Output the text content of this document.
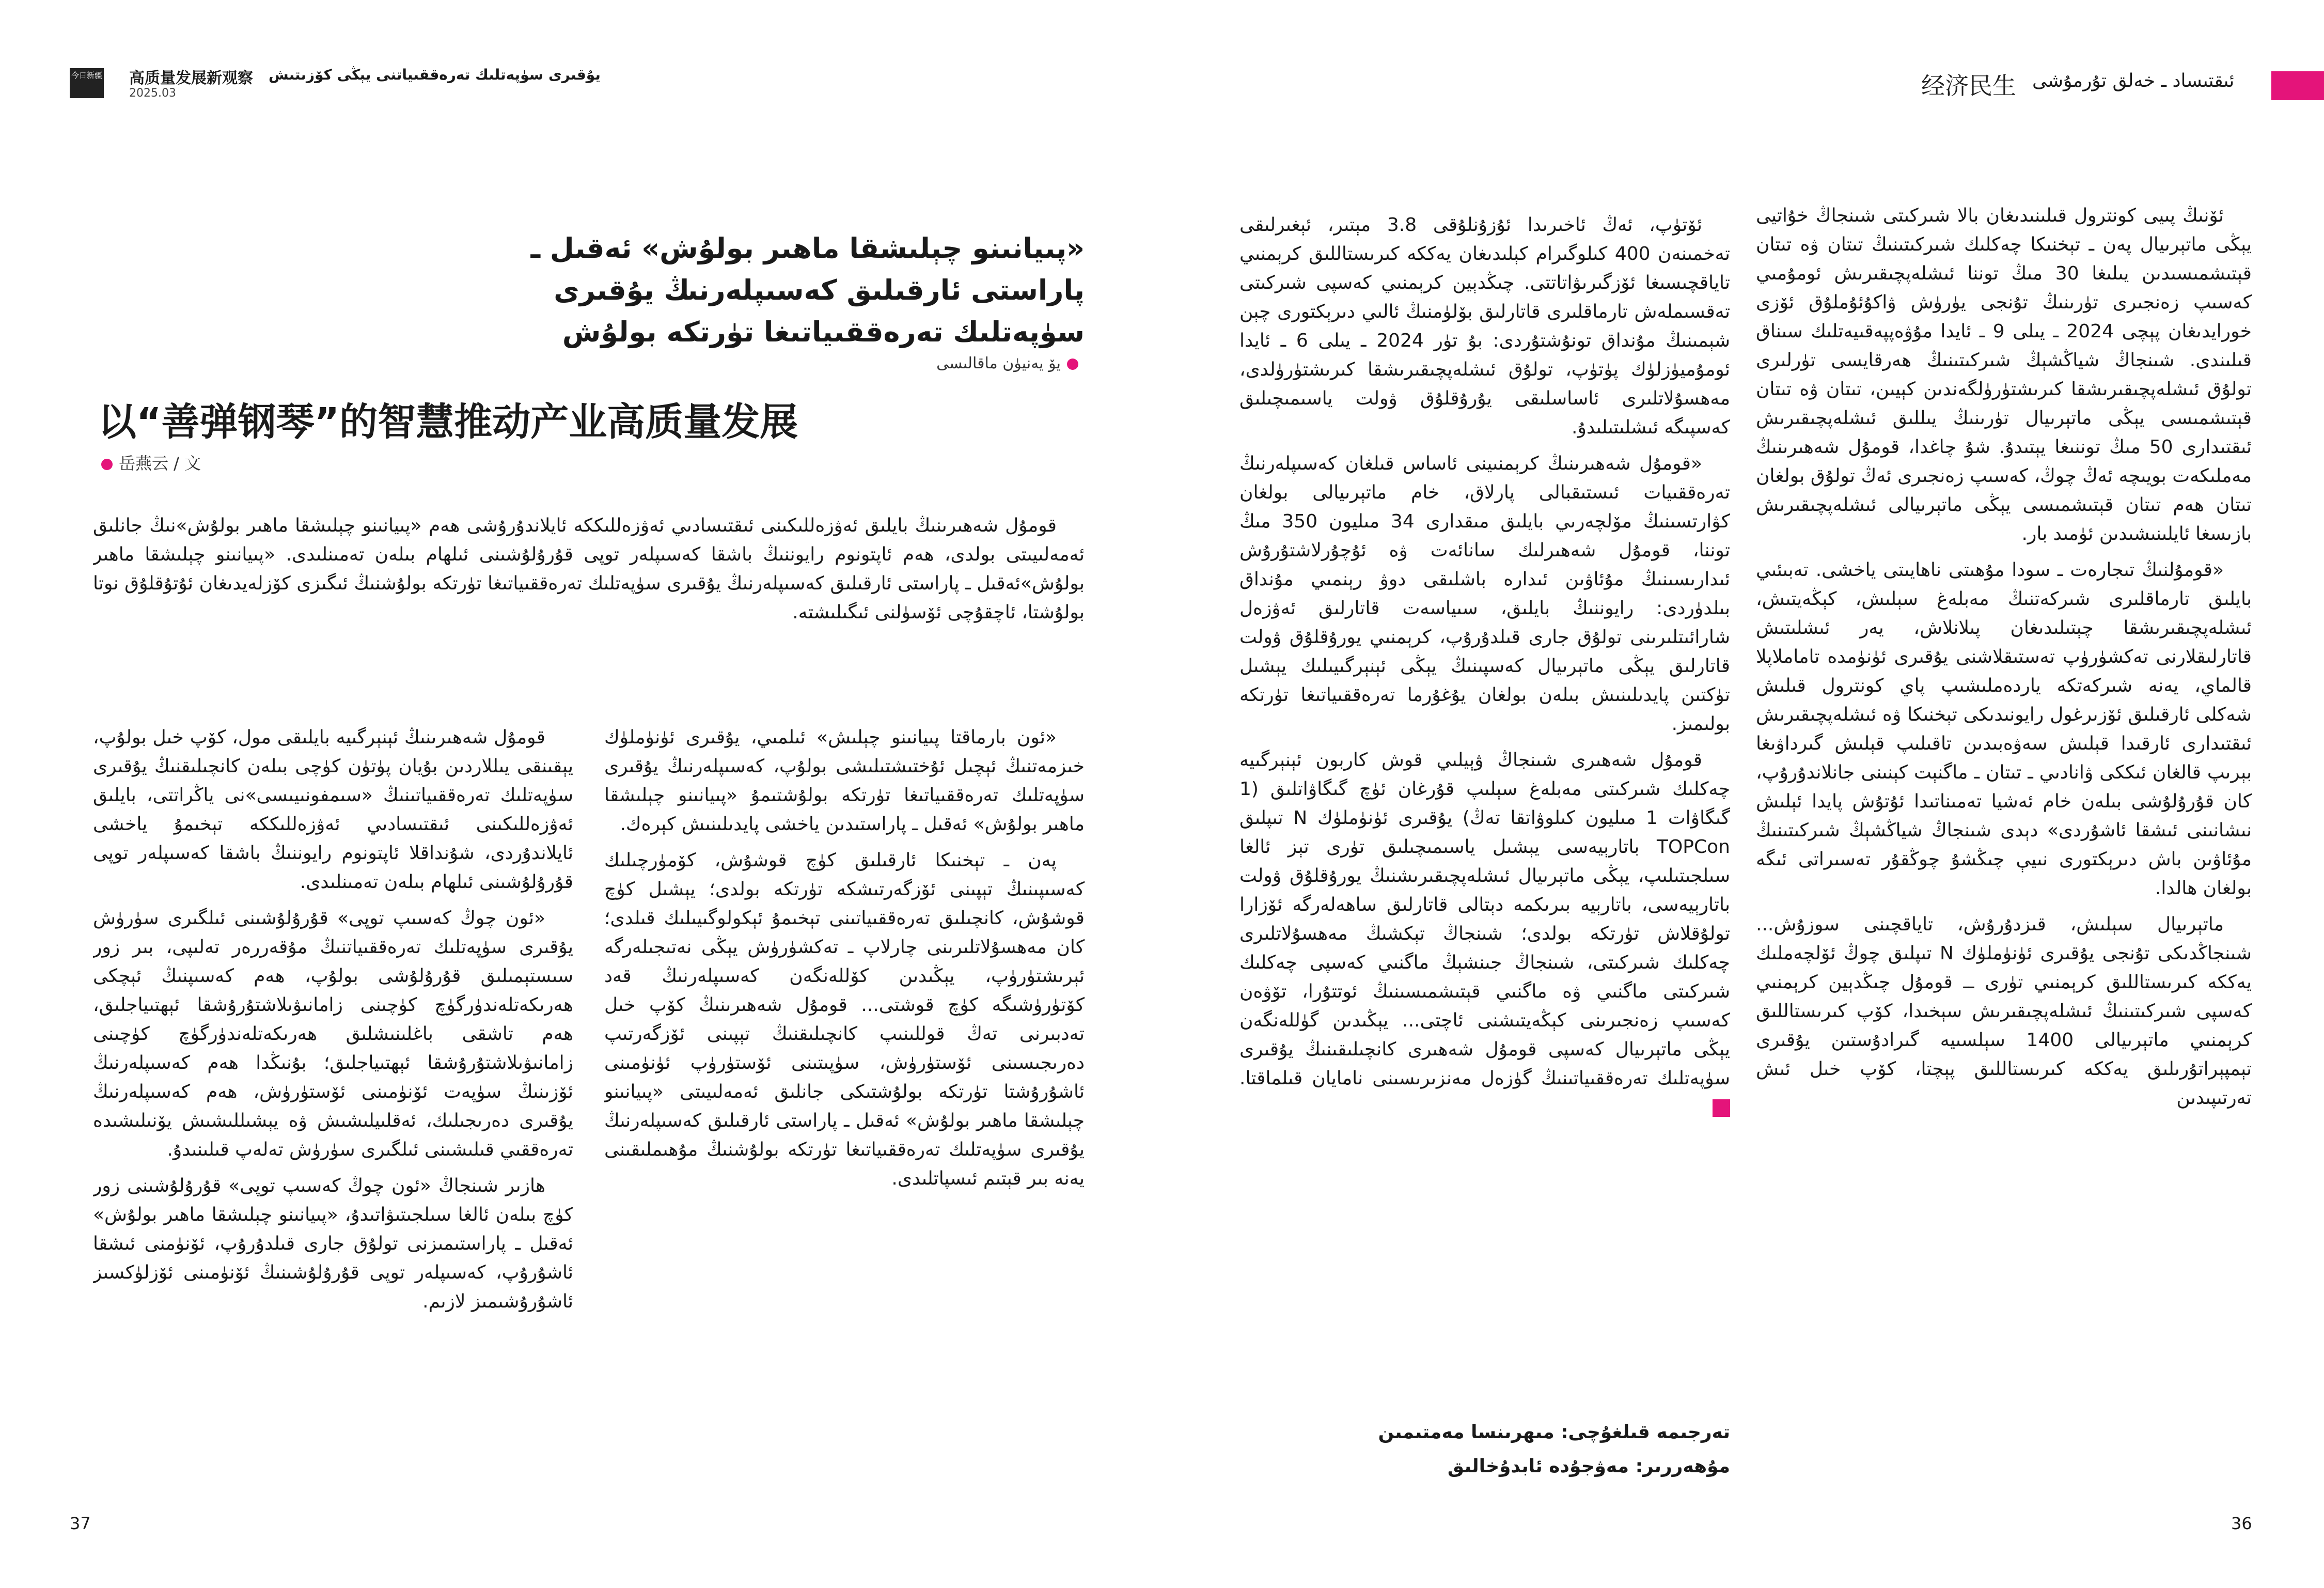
今日新疆 高质量发展新观察
2025.03
يۇقىرى سۈپەتلىك تەرەققىياتنى يېڭى كۆزىتىش	经济民生 ئىقتىساد ـ خەلق تۇرمۇشى
«پىيانىنو چېلىشقا ماھىر بولۇش» ئەقىل ـ پاراستى ئارقىلىق كەسىپلەرنىڭ يۇقىرى سۈپەتلىك تەرەققىياتىغا تۈرتكە بولۇش
يۆ يەنيۈن ماقالىسى
以“善弹钢琴”的智慧推动产业高质量发展
岳燕云 / 文

قومۇل شەھىرىنىڭ بايلىق ئەۋزەللىكىنى ئىقتىسادىي ئەۋزەللىككە ئايلاندۇرۇشى ھەم «پىيانىنو چېلىشقا ماھىر بولۇش»نىڭ جانلىق ئەمەلىيىتى بولدى، ھەم ئاپتونوم رايوننىڭ باشقا كەسىپلەر توپى قۇرۇلۇشىنى ئىلھام بىلەن تەمىنلىدى. «پىيانىنو چېلىشقا ماھىر بولۇش»ئەقىل ـ پاراستى ئارقىلىق كەسىپلەرنىڭ يۇقىرى سۈپەتلىك تەرەققىياتىغا تۈرتكە بولۇشنىڭ ئىگىزى كۆزلەيدىغان ئۇتۇقلۇق نوتا بولۇشتا، ئاچقۇچى ئۆسۈلنى ئىگىلىشتە.

قومۇل شەھىرىنىڭ ئېنېرگىيە بايلىقى مول، كۆپ خىل بولۇپ، يېقىنقى يىللاردىن بۇيان پۈتۈن كۈچى بىلەن كانچىلىقنىڭ يۇقىرى سۈپەتلىك تەرەققىياتىنىڭ «سىمفونىيىسى»نى ياڭراتتى، بايلىق ئەۋزەللىكىنى ئىقتىسادىي ئەۋزەللىككە تېخىمۇ ياخشى ئايلاندۇردى، شۇنداقلا ئاپتونوم رايوننىڭ باشقا كەسىپلەر توپى قۇرۇلۇشىنى ئىلھام بىلەن تەمىنلىدى.

«ئون چوڭ كەسىپ توپى» قۇرۇلۇشىنى ئىلگىرى سۈرۈش يۇقىرى سۈپەتلىك تەرەققىياتنىڭ مۇقەررەر تەلىپى، بىر زور سىستېمىلىق قۇرۇلۇشى بولۇپ، ھەم كەسىپنىڭ ئېچكى ھەرىكەتلەندۈرگۈچ كۈچىنى زامانىۋىلاشتۇرۇشقا ئېھتىياجلىق، ھەم تاشقى باغلىنىشلىق ھەرىكەتلەندۈرگۈچ كۈچىنى زامانىۋىلاشتۇرۇشقا ئېھتىياجلىق؛ بۇنىڭدا ھەم كەسىپلەرنىڭ ئۆزىنىڭ سۈپەت ئۆنۈمىنى ئۆستۈرۈش، ھەم كەسىپلەرنىڭ يۇقىرى دەرىجىلىك، ئەقلىيلىشىش ۋە يېشىللىشىش يۆنىلىشىدە تەرەققىي قىلىشىنى ئىلگىرى سۈرۈش تەلەپ قىلىنىدۇ.

ھازىر شىنجاڭ «ئون چوڭ كەسىپ توپى» قۇرۇلۇشىنى زور كۈچ بىلەن ئالغا سىلجىتىۋاتىدۇ، «پىيانىنو چېلىشقا ماھىر بولۇش» ئەقىل ـ پاراستىمىزنى تولۇق جارى قىلدۇرۇپ، ئۆنۈمنى ئىشقا ئاشۇرۇپ، كەسىپلەر توپى قۇرۇلۇشىنىڭ ئۆنۈمىنى ئۆزلۈكسىز ئاشۇرۇشىمىز لازىم.

«ئون بارماقتا پىيانىنو چېلىش» ئىلمىي، يۇقىرى ئۈنۈملۈك خىزمەتنىڭ ئېچىل ئۇختىشتىلىشى بولۇپ، كەسىپلەرنىڭ يۇقىرى سۈپەتلىك تەرەققىياتىغا تۈرتكە بولۇشتىمۇ «پىيانىنو چېلىشقا ماھىر بولۇش» ئەقىل ـ پاراستىدىن ياخشى پايدىلىنىش كېرەك.

پەن ـ تېخنىكا ئارقىلىق كۈچ قوشۇش، كۆمۈرچىلىك كەسىپىنىڭ تېپىنى ئۆزگەرتىشكە تۈرتكە بولدى؛ يېشىل كۈچ قوشۇش، كانچىلىق تەرەققىياتىنى تېخىمۇ ئېكولوگىيىلىك قىلدى؛ كان مەھسۇلاتلىرىنى چارلاپ ـ تەكشۈرۈش يېڭى نەتىجىلەرگە ئېرىشتۈرۈپ، يېڭىدىن كۆللەنگەن كەسىپلەرنىڭ قەد كۆتۈرۈشىگە كۈچ قوشتى... قومۇل شەھىرىنىڭ كۆپ خىل تەدبىرنى تەڭ قوللىنىپ كانچىلىقنىڭ تېپىنى ئۆزگەرتىپ دەرىجىسىنى ئۆستۈرۈش، سۈپىتىنى ئۆستۈرۈپ ئۈنۈمىنى ئاشۇرۇشتا تۈرتكە بولۇشتىكى جانلىق ئەمەلىيىتى «پىيانىنو چېلىشقا ماھىر بولۇش» ئەقىل ـ پاراستى ئارقىلىق كەسىپلەرنىڭ يۇقىرى سۈپەتلىك تەرەققىياتىغا تۈرتكە بولۇشنىڭ مۇھىملىقىنى يەنە بىر قېتىم ئىسپاتلىدى.

ئۆتۈپ، ئەڭ ئاخىرىدا ئۇزۇنلۇقى 3.8 مېتىر، ئېغىرلىقى تەخمىنەن 400 كىلوگىرام كېلىدىغان يەككە كىرىستاللىق كرېمنىي تاياقچىسىغا ئۆزگىرىۋاتاتتى. چىڭدېين كرېمنىي كەسپى شىركىتى تەقسىملەش تارماقلىرى قاتارلىق بۆلۈمنىڭ ئالىي دىرېكتورى چېن شېمىنىڭ مۇنداق تونۇشتۇردى: بۇ تۈر 2024 ـ يىلى 6 ـ ئايدا ئومۇميۈزلۈك پۈتۈپ، تولۇق ئىشلەپچىقىرىشقا كىرىشتۈرۈلدى، مەھسۇلاتلىرى ئاساسلىقى يۇرۇقلۇق ۋولت ياسىمىچىلىق كەسپىگە ئىشلىتىلىدۇ.

«قومۇل شەھىرىنىڭ كرېمنىينى ئاساس قىلغان كەسىپلەرنىڭ تەرەققىيات ئىستىقبالى پارلاق، خام ماتېرىيالى بولغان كۋارتسىنىڭ مۆلچەرىي بايلىق مىقدارى 34 مىليون 350 مىڭ توننا، قومۇل شەھىرلىك سانائەت ۋە ئۇچۇرلاشتۇرۇش ئىدارىسىنىڭ مۇئاۋىن ئىدارە باشلىقى دوۋ رېنمىي مۇنداق بىلدۈردى: رايوننىڭ بايلىق، سىياسەت قاتارلىق ئەۋزەل شارائىتلىرىنى تولۇق جارى قىلدۇرۇپ، كرېمنىي يورۇقلۇق ۋولت قاتارلىق يېڭى ماتېرىيال كەسپىنىڭ يېڭى ئېنېرگىيىلىك يېشىل تۈكتىن پايدىلىنىش بىلەن بولغان يۇغۇرما تەرەققىياتىغا تۈرتكە بولىمىز.

قومۇل شەھىرى شىنجاڭ ۋېيلىي قوش كاربون ئېنېرگىيە چەكلىك شىركىتى مەبلەغ سېلىپ قۇرغان ئۈچ گىگاۋاتلىق (1 گىگاۋات 1 مىليون كىلوۋاتقا تەڭ) يۇقىرى ئۈنۈملۈك N تىپلىق TOPCon باتارېيەسى يېشىل ياسىمىچىلىق تۈرى تېز ئالغا سىلجىتىلىپ، يېڭى ماتېرىيال ئىشلەپچىقىرىشنىڭ يورۇقلۇق ۋولت باتارېيەسى، باتارېيە بىرىكمە دېتالى قاتارلىق ساھەلەرگە ئۆزارا تولۇقلاش تۈرتكە بولدى؛ شىنجاڭ تېكشىڭ مەھسۇلاتلىرى چەكلىك شىركىتى، شىنجاڭ جىنشېڭ ماگنىي كەسپى چەكلىك شىركىتى ماگنىي ۋە ماگنىي قېتىشمىسىنىڭ ئوتتۇرا، تۆۋەن كەسىپ زەنجىرىنى كېڭەيتىشنى ئاچتى... يېڭىدىن گۈللەنگەن يېڭى ماتېرىيال كەسپى قومۇل شەھىرى كانچىلىقىنىڭ يۇقىرى سۈپەتلىك تەرەققىياتىنىڭ گۈزەل مەنزىرىسىنى نامايان قىلماقتا. ل

تەرجىمە قىلغۇچى: مىھرىنسا مەمتىمىن
مۇھەررىر: مەۋجۇدە ئابدۇخالىق

ئۆنىڭ پىيى كونترول قىلىنىدىغان بالا شىركىتى شىنجاڭ خۇاتيى يېڭى ماتېرىيال پەن ـ تېخنىكا چەكلىك شىركىتىنىڭ تىتان ۋە تىتان قېتىشمىسىدىن يىلىغا 30 مىڭ توننا ئىشلەپچىقىرىش ئومۇمىي كەسىپ زەنجىرى تۈرىنىڭ تۇنجى يۈرۈش ۋاكۇئۇملۇق ئۆزى خورايدىغان پېچى 2024 ـ يىلى 9 ـ ئايدا مۇۋەپپەقىيەتلىك سىناق قىلىندى. شىنجاڭ شياڭشېڭ شىركىتىنىڭ ھەرقايسى تۈرلىرى تولۇق ئىشلەپچىقىرىشقا كىرىشتۈرۈلگەندىن كېيىن، تىتان ۋە تىتان قېتىشمىسى يېڭى ماتېرىيال تۈرىنىڭ يىللىق ئىشلەپچىقىرىش ئىقتىدارى 50 مىڭ توننىغا يېتىدۇ. شۇ چاغدا، قومۇل شەھىرىنىڭ مەملىكەت بويىچە ئەڭ چوڭ، كەسىپ زەنجىرى ئەڭ تولۇق بولغان تىتان ھەم تىتان قېتىشمىسى يېڭى ماتېرىيالى ئىشلەپچىقىرىش بازىسغا ئايلىنىشىدىن ئۈمىد بار.

«قومۇلنىڭ تىجارەت ـ سودا مۇھىتى ناھايىتى ياخشى. تەبىئىي بايلىق تارماقلىرى شىركەتنىڭ مەبلەغ سېلىش، كېڭەيتىش، ئىشلەپچىقىرىشقا چېتىلىدىغان پىلانلاش، يەر ئىشلىتىش قاتارلىقلارنى تەكشۈرۈپ تەستىقلاشنى يۇقىرى ئۈنۈمدە تاماملاپلا قالماي، يەنە شىركەتكە ياردەملىشىپ پاي كونترول قىلىش شەكلى ئارقىلىق ئۆزىرغول رايونىدىكى تېخنىكا ۋە ئىشلەپچىقىرىش ئىقتىدارى ئارقىدا قېلىش سەۋەبىدىن تاقىلىپ قېلىش گىرداۋىغا بېرىپ قالغان ئىككى ۋانادىي ـ تىتان ـ ماگنېت كېنىنى جانلاندۇرۇپ، كان قۇرۇلۇشى بىلەن خام ئەشيا تەمىناتىدا ئۇتۇش پايدا ئېلىش نىشانىنى ئىشقا ئاشۇردى» دېدى شىنجاڭ شياڭشېڭ شىركىتىنىڭ مۇئاۋىن باش دىرېكتورى نىيې چىڭشۇ چوڭقۇر تەسىراتى ئىگە بولغان ھالدا.

ماتېرىيال سېلىش، قىزدۇرۇش، تاياقچىنى سوزۇش... شىنجاڭدىكى تۇنجى يۇقىرى ئۈنۈملۈك N تىپلىق چوڭ ئۆلچەملىك يەككە كىرىستاللىق كرېمنىي تۈرى ــ قومۇل چىڭدېين كرېمنىي كەسپى شىركىتىنىڭ ئىشلەپچىقىرىش سېخىدا، كۆپ كىرىستاللىق كرېمنىي ماتېرىيالى 1400 سېلسىيە گىرادۇستىن يۇقىرى تېمپېراتۇرىلىق يەككە كىرىستاللىق پېچتا، كۆپ خىل ئىش تەرتىپىدىن

37	36
